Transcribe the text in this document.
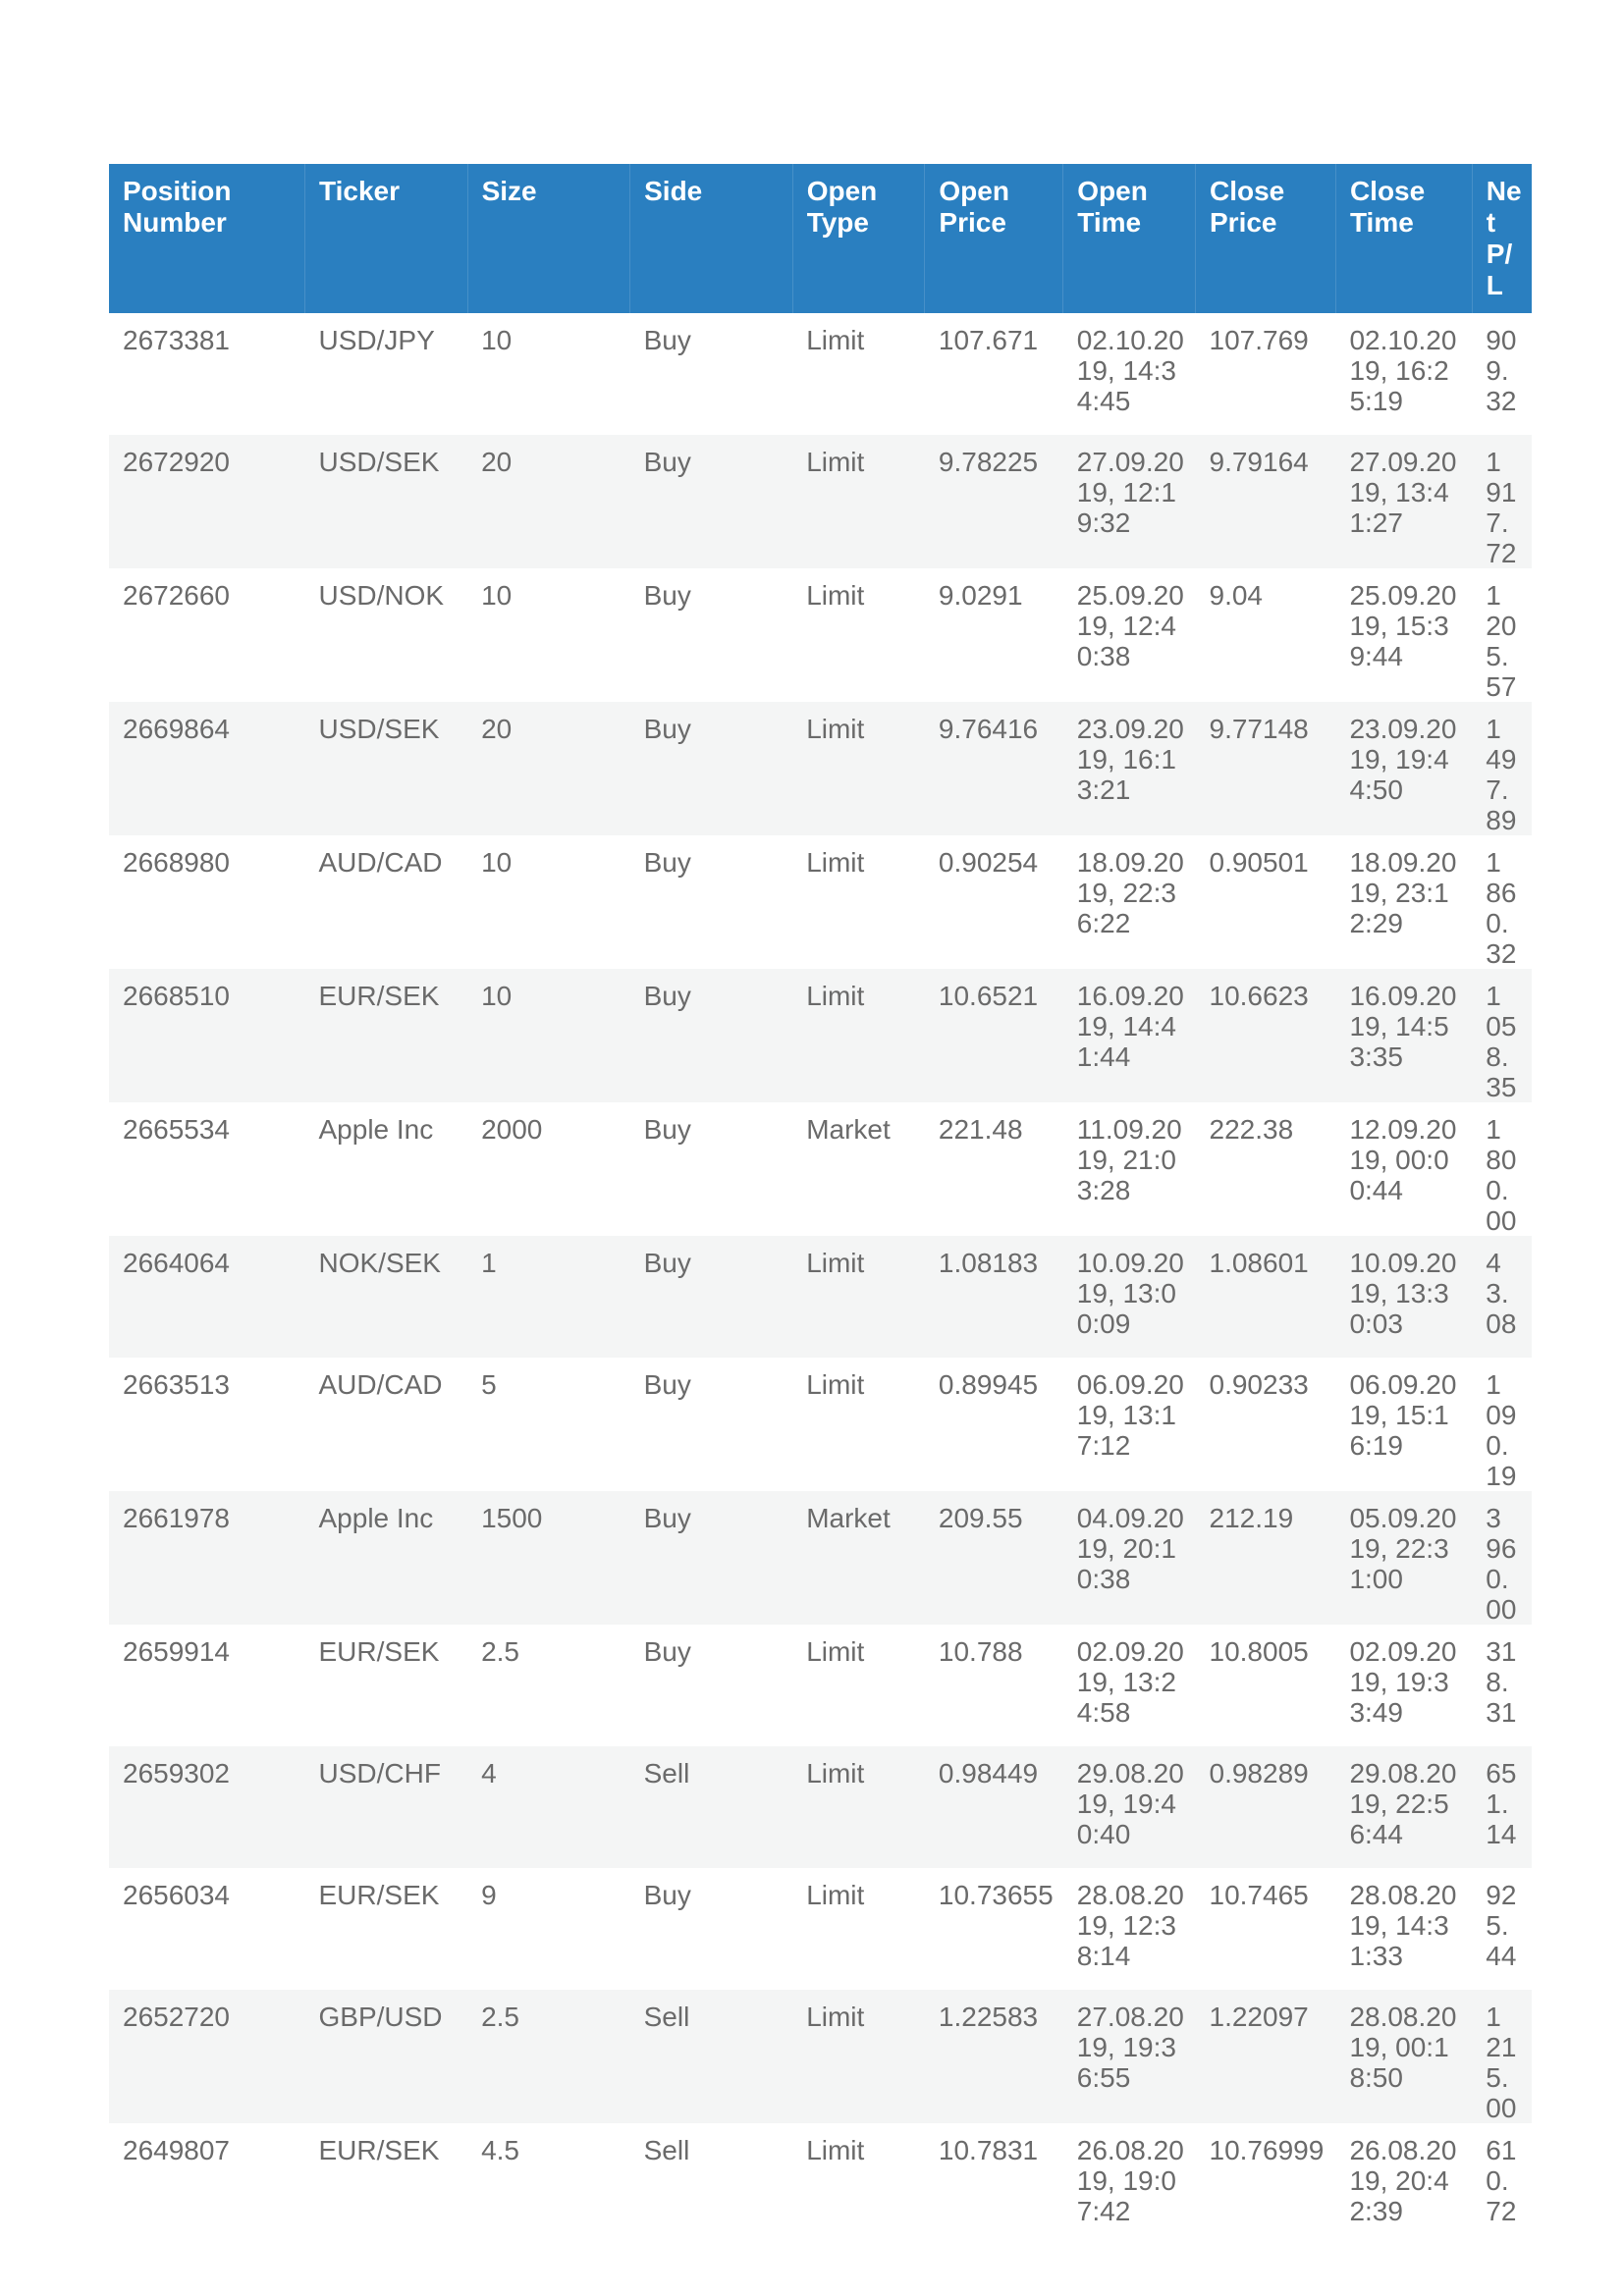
Position Number	Ticker	Size	Side	Open Type	Open Price	Open Time	Close Price	Close Time	Net P/L
2673381	USD/JPY	10	Buy	Limit	107.671	02.10.2019, 14:34:45	107.769	02.10.2019, 16:25:19	909.32
2672920	USD/SEK	20	Buy	Limit	9.78225	27.09.2019, 12:19:32	9.79164	27.09.2019, 13:41:27	1 917.72
2672660	USD/NOK	10	Buy	Limit	9.0291	25.09.2019, 12:40:38	9.04	25.09.2019, 15:39:44	1 205.57
2669864	USD/SEK	20	Buy	Limit	9.76416	23.09.2019, 16:13:21	9.77148	23.09.2019, 19:44:50	1 497.89
2668980	AUD/CAD	10	Buy	Limit	0.90254	18.09.2019, 22:36:22	0.90501	18.09.2019, 23:12:29	1 860.32
2668510	EUR/SEK	10	Buy	Limit	10.6521	16.09.2019, 14:41:44	10.6623	16.09.2019, 14:53:35	1 058.35
2665534	Apple Inc	2000	Buy	Market	221.48	11.09.2019, 21:03:28	222.38	12.09.2019, 00:00:44	1 800.00
2664064	NOK/SEK	1	Buy	Limit	1.08183	10.09.2019, 13:00:09	1.08601	10.09.2019, 13:30:03	43.08
2663513	AUD/CAD	5	Buy	Limit	0.89945	06.09.2019, 13:17:12	0.90233	06.09.2019, 15:16:19	1 090.19
2661978	Apple Inc	1500	Buy	Market	209.55	04.09.2019, 20:10:38	212.19	05.09.2019, 22:31:00	3 960.00
2659914	EUR/SEK	2.5	Buy	Limit	10.788	02.09.2019, 13:24:58	10.8005	02.09.2019, 19:33:49	318.31
2659302	USD/CHF	4	Sell	Limit	0.98449	29.08.2019, 19:40:40	0.98289	29.08.2019, 22:56:44	651.14
2656034	EUR/SEK	9	Buy	Limit	10.73655	28.08.2019, 12:38:14	10.7465	28.08.2019, 14:31:33	925.44
2652720	GBP/USD	2.5	Sell	Limit	1.22583	27.08.2019, 19:36:55	1.22097	28.08.2019, 00:18:50	1 215.00
2649807	EUR/SEK	4.5	Sell	Limit	10.7831	26.08.2019, 19:07:42	10.76999	26.08.2019, 20:42:39	610.72
